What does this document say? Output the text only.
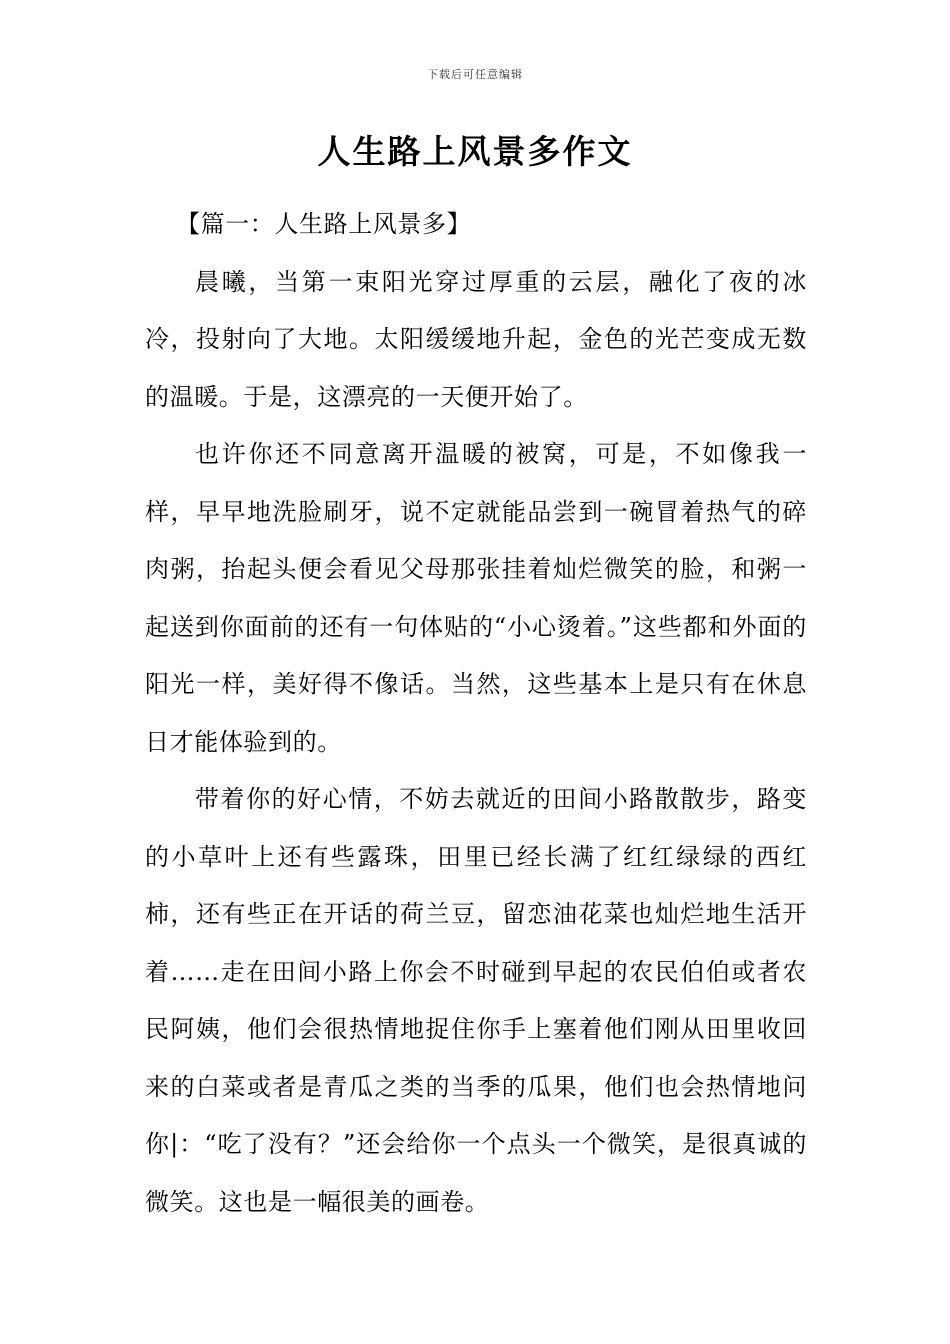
下载后可任意编辑
人生路上风景多作文

【篇一：人生路上风景多】

晨曦，当第一束阳光穿过厚重的云层，融化了夜的冰冷，投射向了大地。太阳缓缓地升起，金色的光芒变成无数的温暖。于是，这漂亮的一天便开始了。

也许你还不同意离开温暖的被窝，可是，不如像我一样，早早地洗脸刷牙，说不定就能品尝到一碗冒着热气的碎肉粥，抬起头便会看见父母那张挂着灿烂微笑的脸，和粥一起送到你面前的还有一句体贴的“小心烫着。”这些都和外面的阳光一样，美好得不像话。当然，这些基本上是只有在休息日才能体验到的。

带着你的好心情，不妨去就近的田间小路散散步，路变的小草叶上还有些露珠，田里已经长满了红红绿绿的西红柿，还有些正在开话的荷兰豆，留恋油花菜也灿烂地生活开着……走在田间小路上你会不时碰到早起的农民伯伯或者农民阿姨，他们会很热情地捉住你手上塞着他们刚从田里收回来的白菜或者是青瓜之类的当季的瓜果，他们也会热情地问你|：“吃了没有？”还会给你一个点头一个微笑，是很真诚的微笑。这也是一幅很美的画卷。
